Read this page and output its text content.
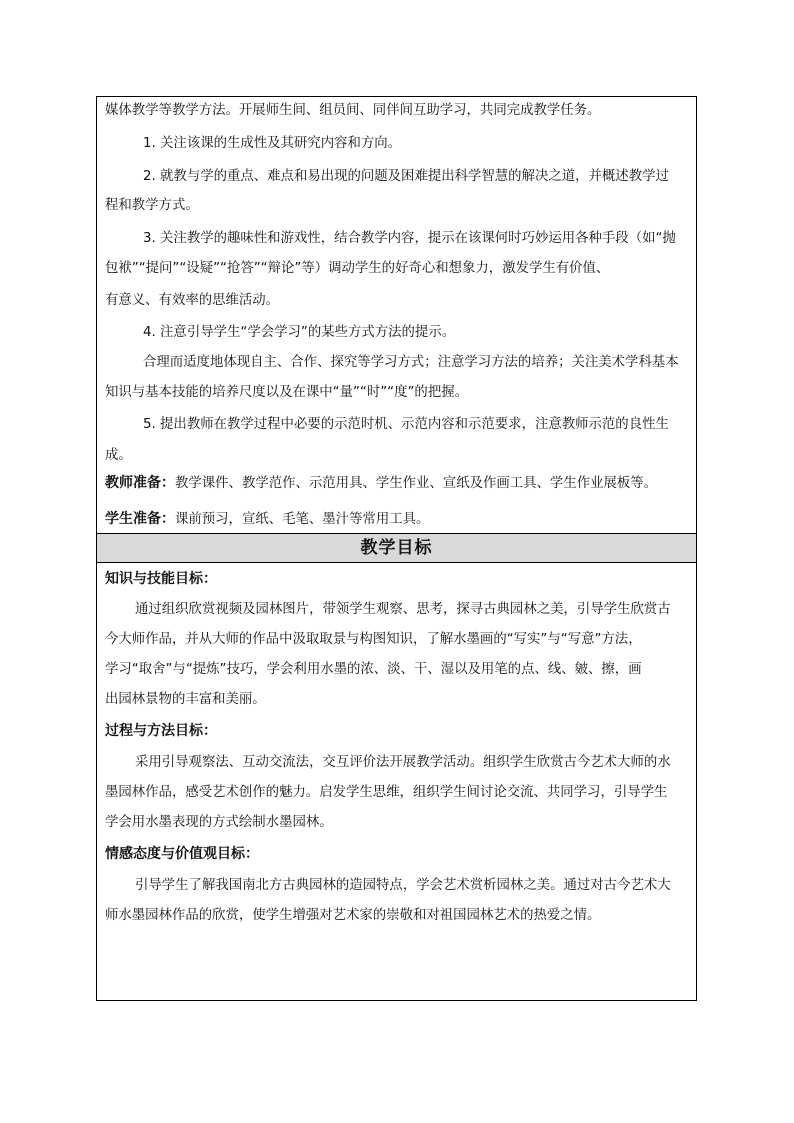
媒体教学等教学方法。开展师生间、组员间、同伴间互助学习，共同完成教学任务。

1. 关注该课的生成性及其研究内容和方向。

2. 就教与学的重点、难点和易出现的问题及困难提出科学智慧的解决之道，并概述教学过

程和教学方式。

3. 关注教学的趣味性和游戏性，结合教学内容，提示在该课何时巧妙运用各种手段（如“抛

包袱”“提问”“设疑”“抢答”“辩论”等）调动学生的好奇心和想象力，激发学生有价值、

有意义、有效率的思维活动。

4. 注意引导学生“学会学习”的某些方式方法的提示。

合理而适度地体现自主、合作、探究等学习方式；注意学习方法的培养；关注美术学科基本

知识与基本技能的培养尺度以及在课中“量”“时”“度”的把握。

5. 提出教师在教学过程中必要的示范时机、示范内容和示范要求，注意教师示范的良性生

成。

教师准备：教学课件、教学范作、示范用具、学生作业、宣纸及作画工具、学生作业展板等。

学生准备：课前预习，宣纸、毛笔、墨汁等常用工具。

教学目标

知识与技能目标：

通过组织欣赏视频及园林图片，带领学生观察、思考，探寻古典园林之美，引导学生欣赏古

今大师作品，并从大师的作品中汲取取景与构图知识，了解水墨画的“写实”与“写意”方法，

学习“取舍”与“提炼”技巧，学会利用水墨的浓、淡、干、湿以及用笔的点、线、皴、擦，画

出园林景物的丰富和美丽。

过程与方法目标：

采用引导观察法、互动交流法，交互评价法开展教学活动。组织学生欣赏古今艺术大师的水

墨园林作品，感受艺术创作的魅力。启发学生思维，组织学生间讨论交流、共同学习，引导学生

学会用水墨表现的方式绘制水墨园林。

情感态度与价值观目标：

引导学生了解我国南北方古典园林的造园特点，学会艺术赏析园林之美。通过对古今艺术大

师水墨园林作品的欣赏，使学生增强对艺术家的崇敬和对祖国园林艺术的热爱之情。
